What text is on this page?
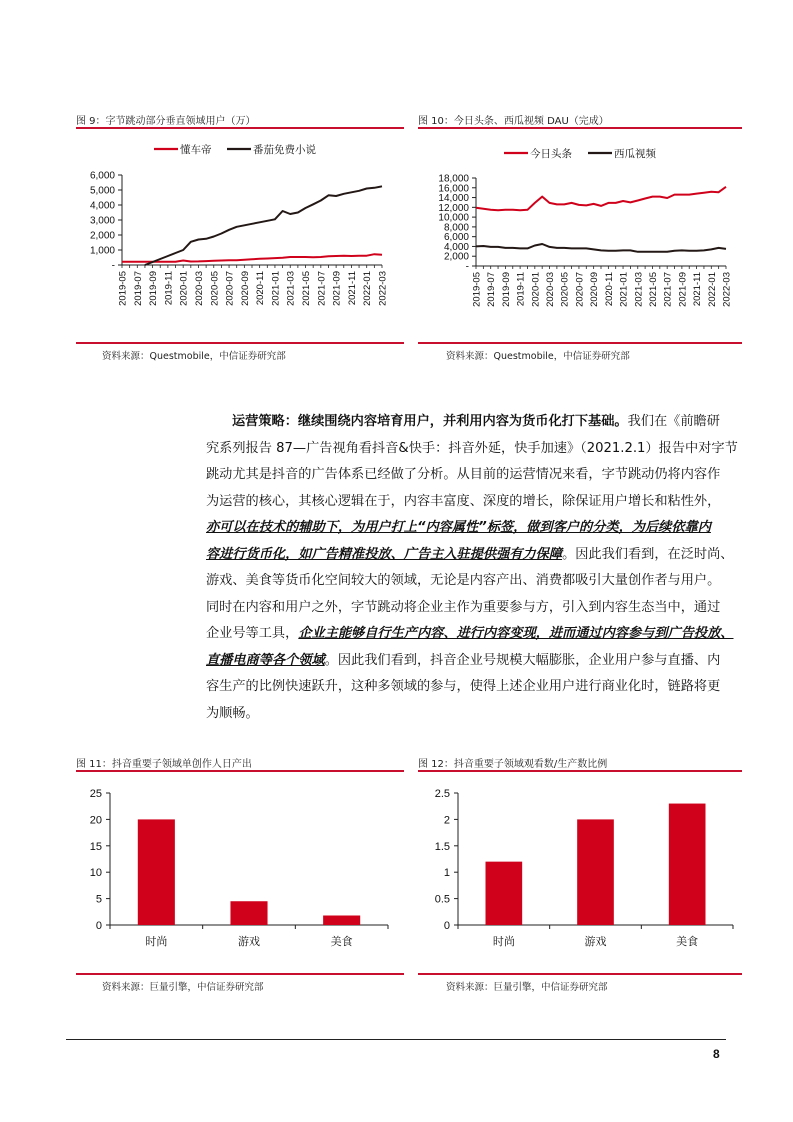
图 9：字节跳动部分垂直领域用户（万）
懂车帝	番茄免费小说
-
1,000
2,000
3,000
4,000
5,000
6,000
2019-05 2019-07 2019-09 2019-11 2020-01 2020-03 2020-05 2020-07 2020-09 2020-11 2021-01 2021-03 2021-05 2021-07 2021-09 2021-11 2022-01 2022-03
资料来源：Questmobile，中信证券研究部
图 10：今日头条、西瓜视频 DAU（完成）
今日头条	西瓜视频
-
2,000
4,000
6,000
8,000
10,000
12,000
14,000
16,000
18,000
2019-05 2019-07 2019-09 2019-11 2020-01 2020-03 2020-05 2020-07 2020-09 2020-11 2021-01 2021-03 2021-05 2021-07 2021-09 2021-11 2022-01 2022-03
资料来源：Questmobile，中信证券研究部
运营策略：继续围绕内容培育用户，并利用内容为货币化打下基础。我们在《前瞻研
究系列报告 87—广告视角看抖音&快手：抖音外延，快手加速》（2021.2.1）报告中对字节
跳动尤其是抖音的广告体系已经做了分析。从目前的运营情况来看，字节跳动仍将内容作
为运营的核心，其核心逻辑在于，内容丰富度、深度的增长，除保证用户增长和粘性外，
亦可以在技术的辅助下，为用户打上“内容属性”标签，做到客户的分类，为后续依靠内
容进行货币化，如广告精准投放、广告主入驻提供强有力保障。因此我们看到，在泛时尚、
游戏、美食等货币化空间较大的领域，无论是内容产出、消费都吸引大量创作者与用户。
同时在内容和用户之外，字节跳动将企业主作为重要参与方，引入到内容生态当中，通过
企业号等工具，企业主能够自行生产内容、进行内容变现，进而通过内容参与到广告投放、
直播电商等各个领域。因此我们看到，抖音企业号规模大幅膨胀，企业用户参与直播、内
容生产的比例快速跃升，这种多领域的参与，使得上述企业用户进行商业化时，链路将更
为顺畅。
图 11：抖音重要子领域单创作人日产出
0
5
10
15
20
25
时尚	游戏	美食
资料来源：巨量引擎，中信证券研究部
图 12：抖音重要子领域观看数/生产数比例
0
0.5
1
1.5
2
2.5
时尚	游戏	美食
资料来源：巨量引擎，中信证券研究部
8
